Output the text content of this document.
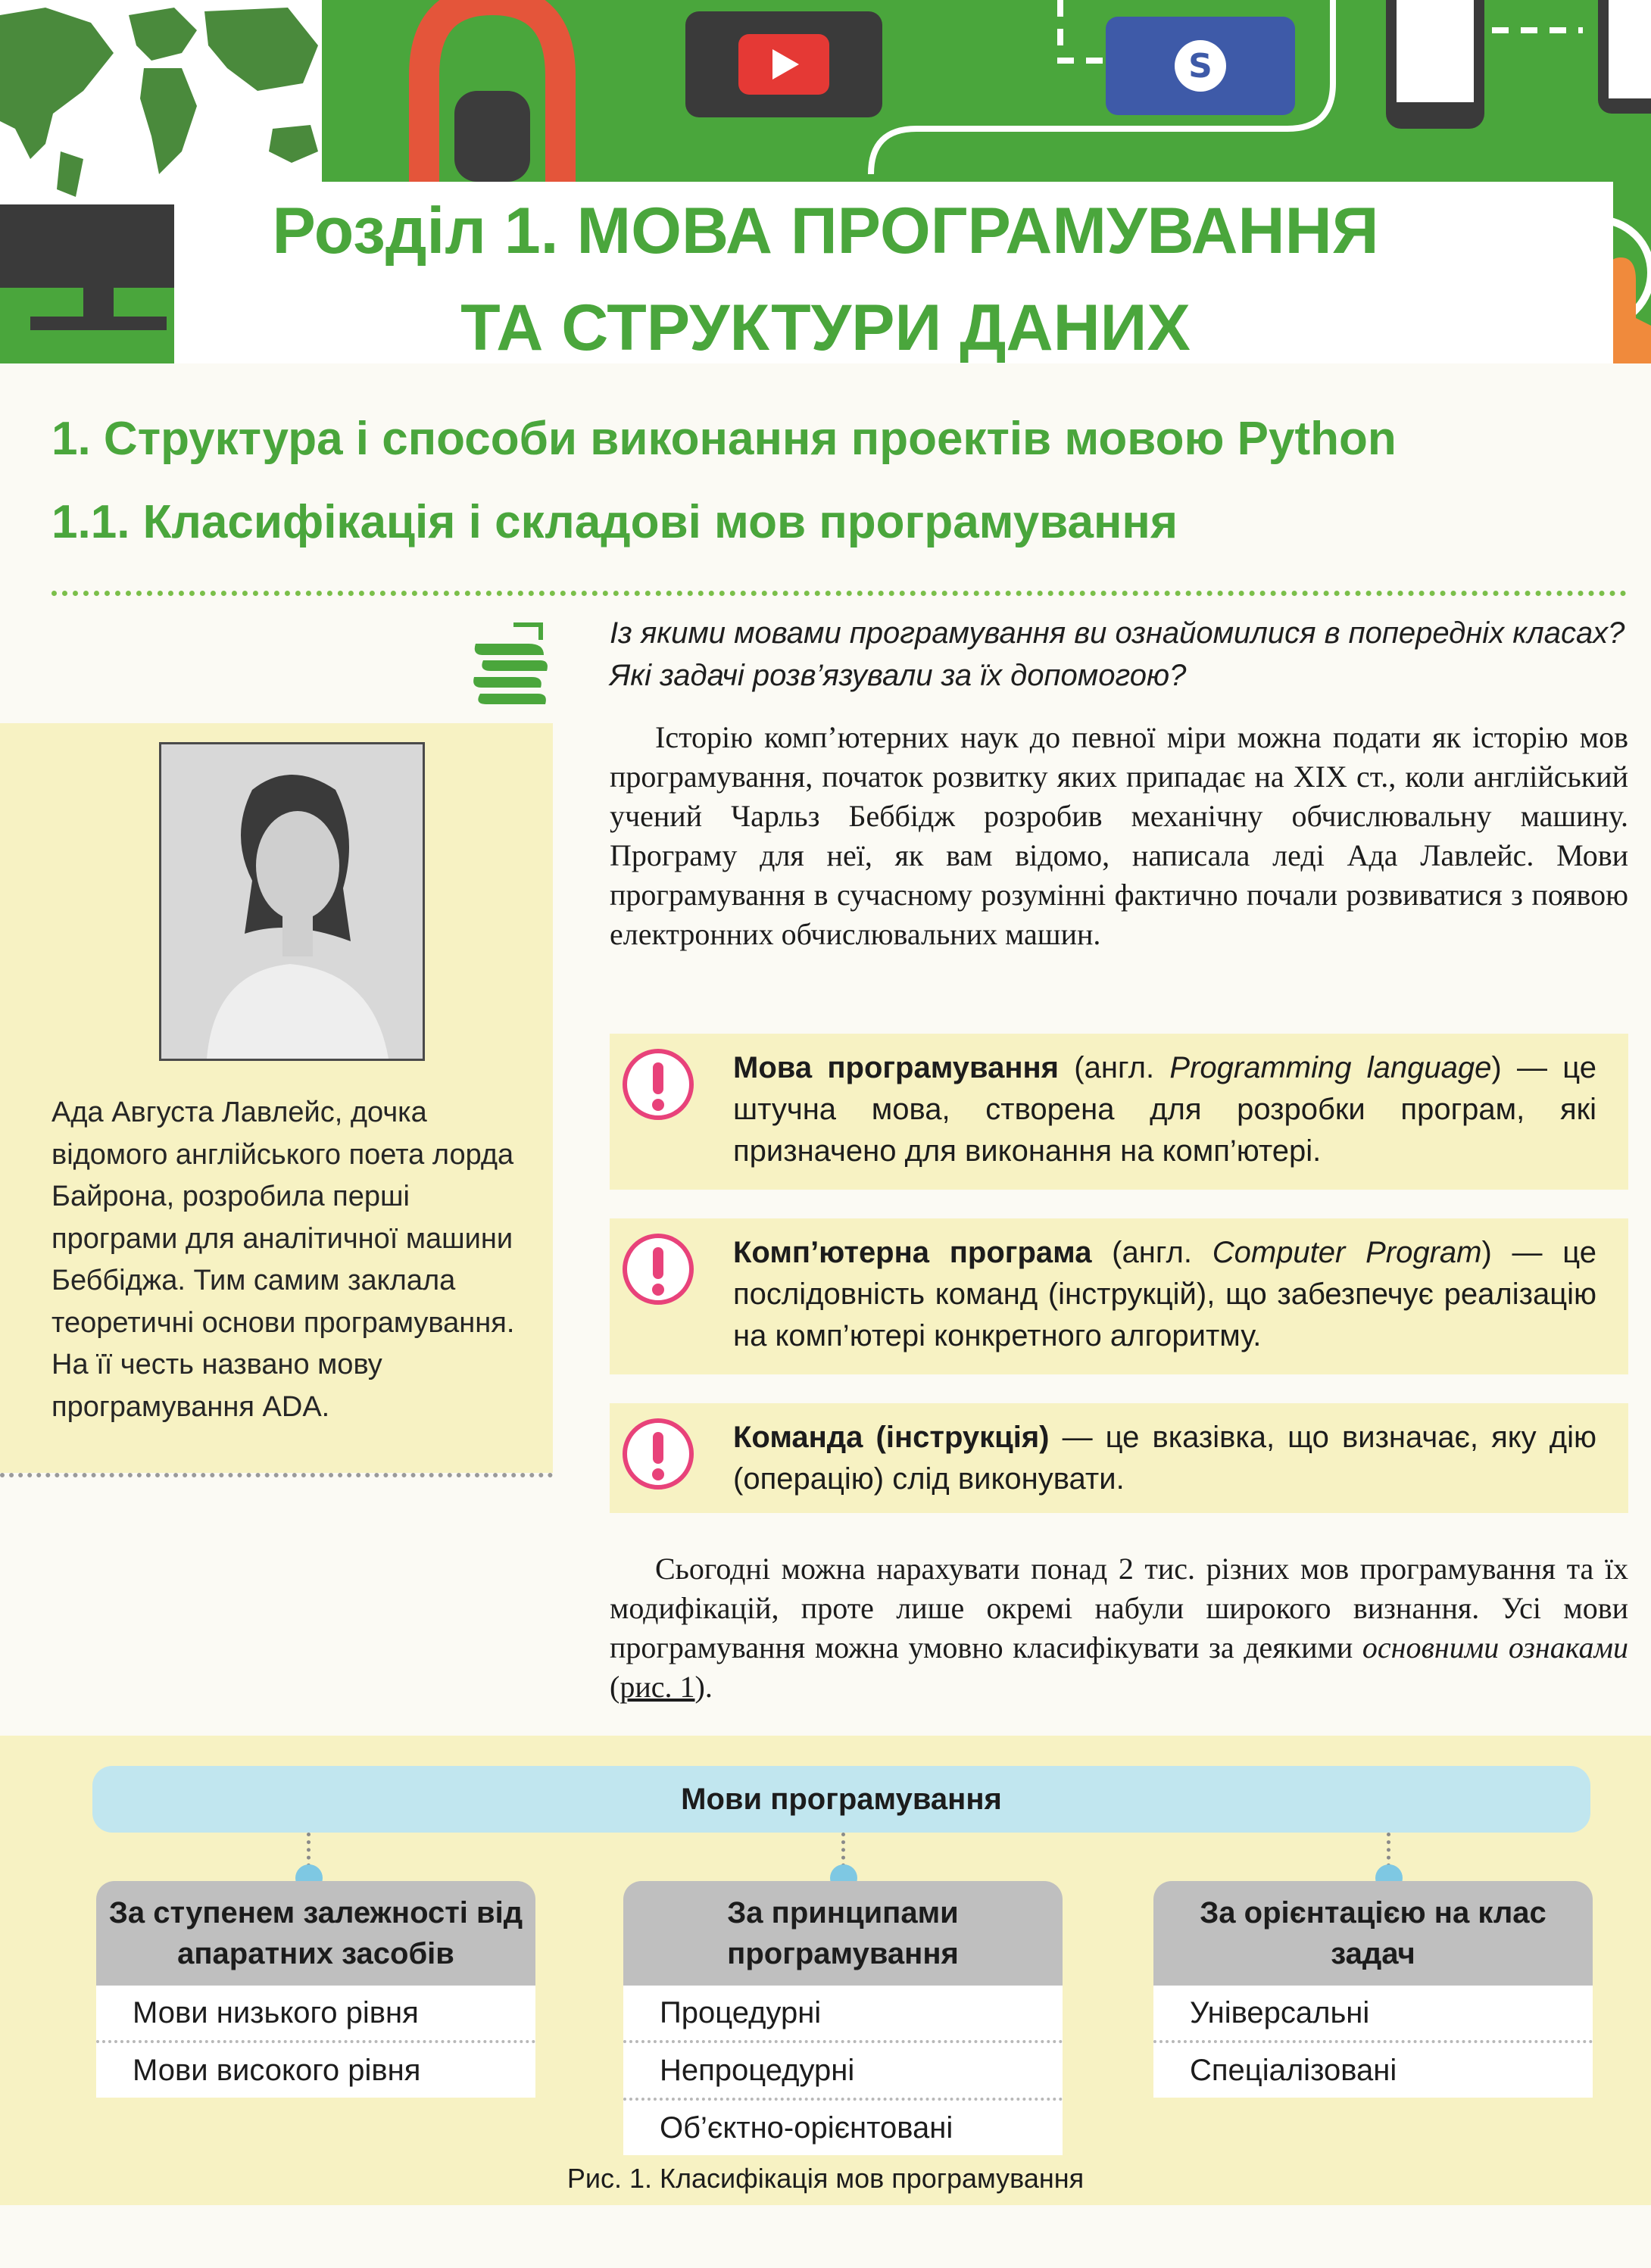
S
Розділ 1. МОВА ПРОГРАМУВАННЯ
ТА СТРУКТУРИ ДАНИХ
1. Структура і способи виконання проектів мовою Python
1.1. Класифікація і складові мов програмування

Із якими мовами програмування ви ознайомилися в попередніх класах? Які задачі розв’язували за їх допомогою?

Ада Августа Лавлейс, дочка відомого англійського поета лорда Байрона, розробила перші програми для аналітичної машини Беббіджа. Тим самим заклала теоретичні основи програмування. На її честь названо мову програмування ADA.

Історію комп’ютерних наук до певної міри можна подати як історію мов програмування, початок розвитку яких припадає на XIX ст., коли англійський учений Чарльз Беббідж розробив механічну обчислювальну машину. Програму для неї, як вам відомо, написала леді Ада Лавлейс. Мови програмування в сучасному розумінні фактично почали розвиватися з появою електронних обчислювальних машин.

Мова програмування (англ. Programming language) — це штучна мова, створена для розробки програм, які призначено для виконання на комп’ютері.

Комп’ютерна програма (англ. Computer Program) — це послідовність команд (інструкцій), що забезпечує реалізацію на комп’ютері конкретного алгоритму.

Команда (інструкція) — це вказівка, що визначає, яку дію (операцію) слід виконувати.

Сьогодні можна нарахувати понад 2 тис. різних мов програмування та їх модифікацій, проте лише окремі набули широкого визнання. Усі мови програмування можна умовно класифікувати за деякими основними ознаками (рис. 1).

Мови програмування
За ступенем залежності від апаратних засобів
Мови низького рівня
Мови високого рівня
За принципами програмування
Процедурні
Непроцедурні
Об’єктно-орієнтовані
За орієнтацією на клас задач
Універсальні
Спеціалізовані

Рис. 1. Класифікація мов програмування
